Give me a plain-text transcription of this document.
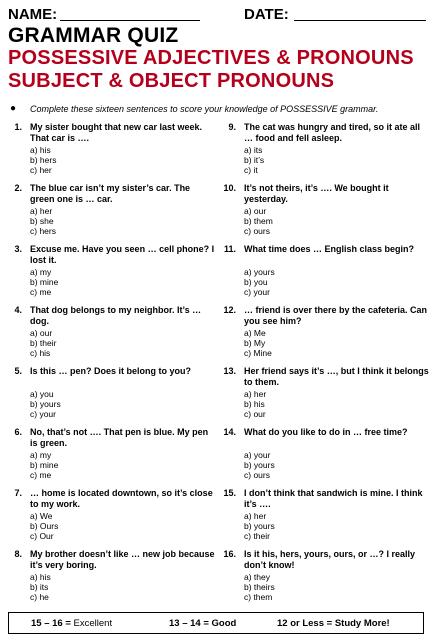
NAME:	DATE:
GRAMMAR QUIZ
POSSESSIVE ADJECTIVES & PRONOUNS
SUBJECT & OBJECT PRONOUNS
● Complete these sixteen sentences to score your knowledge of POSSESSIVE grammar.
1. My sister bought that new car last week. That car is ….
a) his
b) hers
c) her
2. The blue car isn’t my sister’s car. The green one is … car.
a) her
b) she
c) hers
3. Excuse me. Have you seen … cell phone? I lost it.
a) my
b) mine
c) me
4. That dog belongs to my neighbor. It’s … dog.
a) our
b) their
c) his
5. Is this … pen? Does it belong to you?
a) you
b) yours
c) your
6. No, that’s not …. That pen is blue. My pen is green.
a) my
b) mine
c) me
7. … home is located downtown, so it’s close to my work.
a) We
b) Ours
c) Our
8. My brother doesn’t like … new job because it’s very boring.
a) his
b) its
c) he
9. The cat was hungry and tired, so it ate all … food and fell asleep.
a) its
b) it’s
c) it
10. It’s not theirs, it’s …. We bought it yesterday.
a) our
b) them
c) ours
11. What time does … English class begin?
a) yours
b) you
c) your
12. … friend is over there by the cafeteria. Can you see him?
a) Me
b) My
c) Mine
13. Her friend says it’s …, but I think it belongs to them.
a) her
b) his
c) our
14. What do you like to do in … free time?
a) your
b) yours
c) ours
15. I don’t think that sandwich is mine. I think it’s ….
a) her
b) yours
c) their
16. Is it his, hers, yours, ours, or …? I really don’t know!
a) they
b) theirs
c) them
15 – 16 = Excellent	13 – 14 = Good	12 or Less = Study More!
